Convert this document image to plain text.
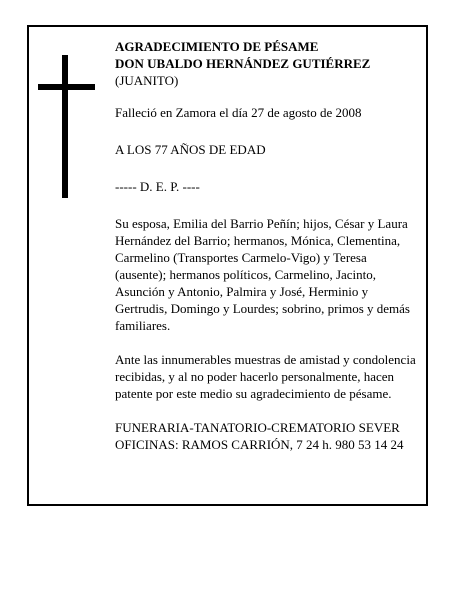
AGRADECIMIENTO DE PÉSAME

DON UBALDO HERNÁNDEZ GUTIÉRREZ

(JUANITO)

Falleció en Zamora el día 27 de agosto de 2008

A LOS 77 AÑOS DE EDAD

----- D. E. P. ----

Su esposa, Emilia del Barrio Peñín; hijos, César y Laura Hernández del Barrio; hermanos, Mónica, Clementina, Carmelino (Transportes Carmelo-Vigo) y Teresa (ausente); hermanos políticos, Carmelino, Jacinto, Asunción y Antonio, Palmira y José, Herminio y Gertrudis, Domingo y Lourdes; sobrino, primos y demás familiares.

Ante las innumerables muestras de amistad y condolencia recibidas, y al no poder hacerlo personalmente, hacen patente por este medio su agradecimiento de pésame.

FUNERARIA-TANATORIO-CREMATORIO SEVER

OFICINAS: RAMOS CARRIÓN, 7 24 h. 980 53 14 24
